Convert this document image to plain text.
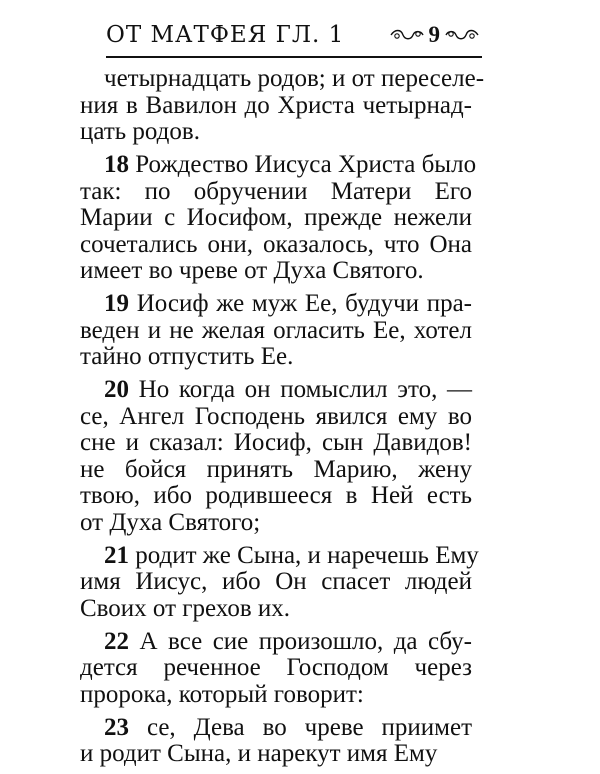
ОТ МАТФЕЯ ГЛ. 1	9
четырнадцать родов; и от переселе-
ния в Вавилон до Христа четырнад-
цать родов.
18 Рождество Иисуса Христа было
так: по обручении Матери Его
Марии с Иосифом, прежде нежели
сочетались они, оказалось, что Она
имеет во чреве от Духа Святого.
19 Иосиф же муж Ее, будучи пра-
веден и не желая огласить Ее, хотел
тайно отпустить Ее.
20 Но когда он помыслил это, —
се, Ангел Господень явился ему во
сне и сказал: Иосиф, сын Давидов!
не бойся принять Марию, жену
твою, ибо родившееся в Ней есть
от Духа Святого;
21 родит же Сына, и наречешь Ему
имя Иисус, ибо Он спасет людей
Своих от грехов их.
22 А все сие произошло, да сбу-
дется реченное Господом через
пророка, который говорит:
23 се, Дева во чреве приимет
и родит Сына, и нарекут имя Ему
